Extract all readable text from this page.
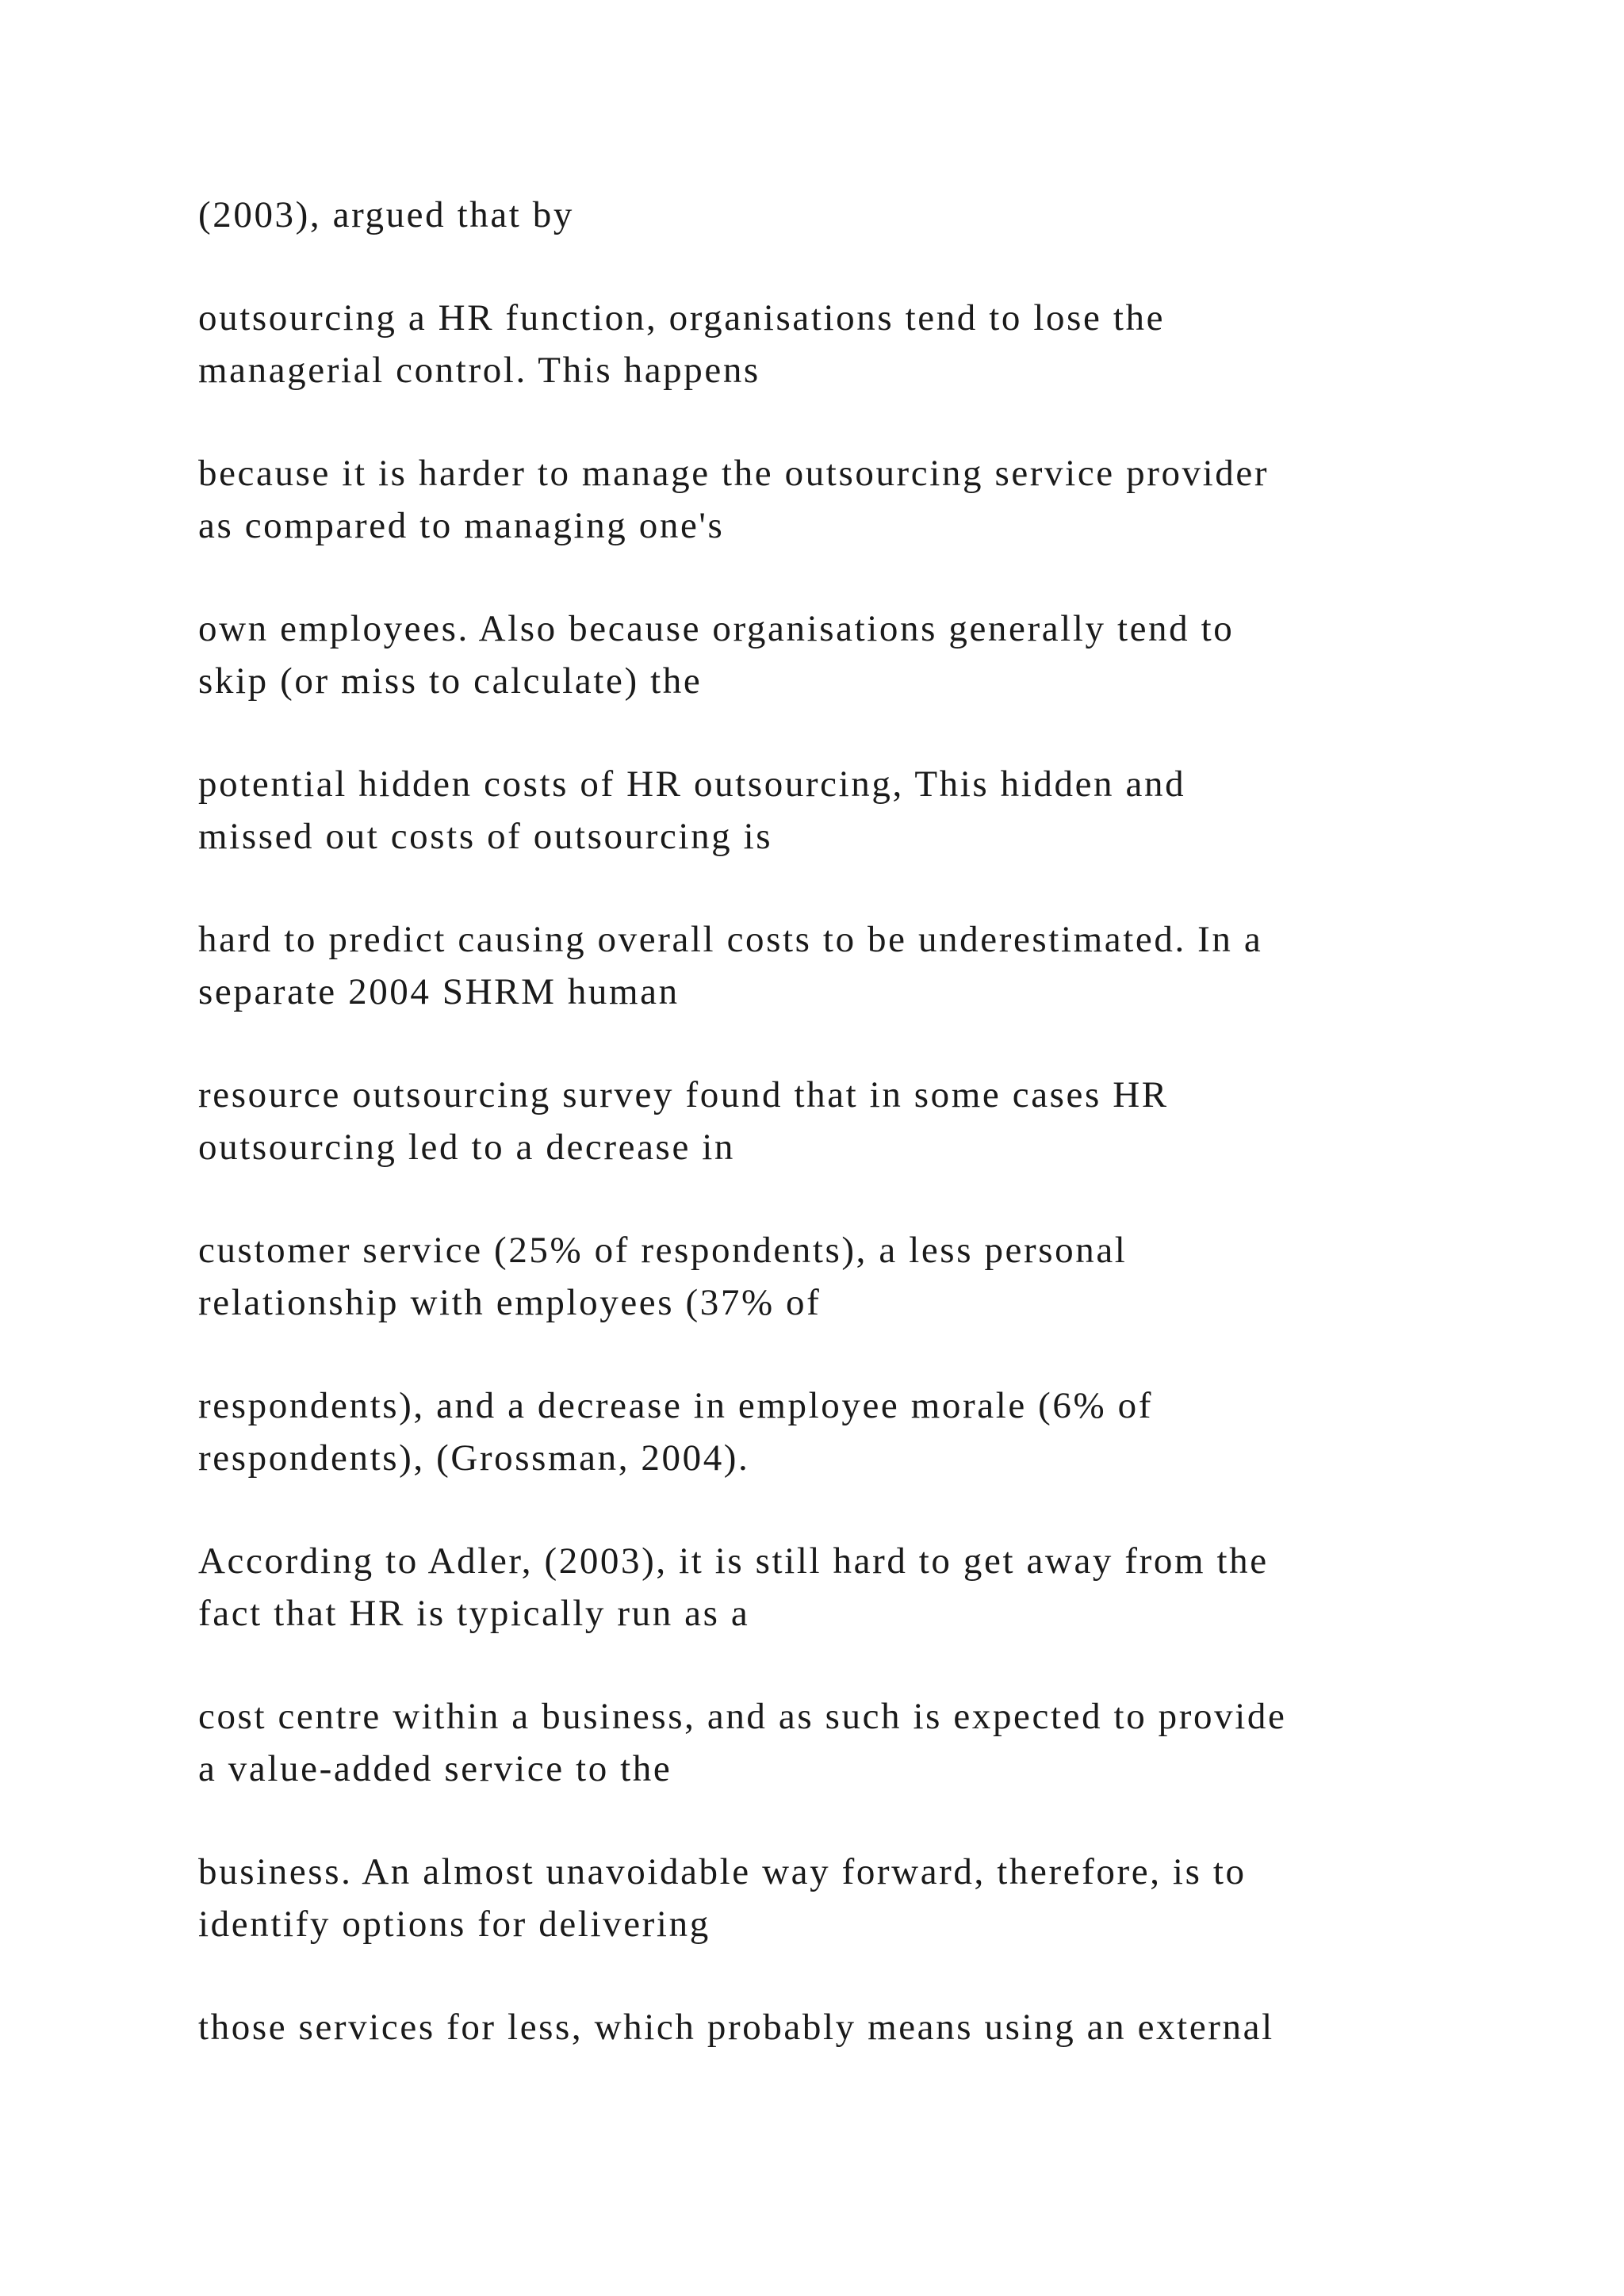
(2003), argued that by

outsourcing a HR function, organisations tend to lose the
managerial control. This happens

because it is harder to manage the outsourcing service provider
as compared to managing one's

own employees. Also because organisations generally tend to
skip (or miss to calculate) the

potential hidden costs of HR outsourcing, This hidden and
missed out costs of outsourcing is

hard to predict causing overall costs to be underestimated. In a
separate 2004 SHRM human

resource outsourcing survey found that in some cases HR
outsourcing led to a decrease in

customer service (25% of respondents), a less personal
relationship with employees (37% of

respondents), and a decrease in employee morale (6% of
respondents), (Grossman, 2004).

According to Adler, (2003), it is still hard to get away from the
fact that HR is typically run as a

cost centre within a business, and as such is expected to provide
a value-added service to the

business. An almost unavoidable way forward, therefore, is to
identify options for delivering

those services for less, which probably means using an external
